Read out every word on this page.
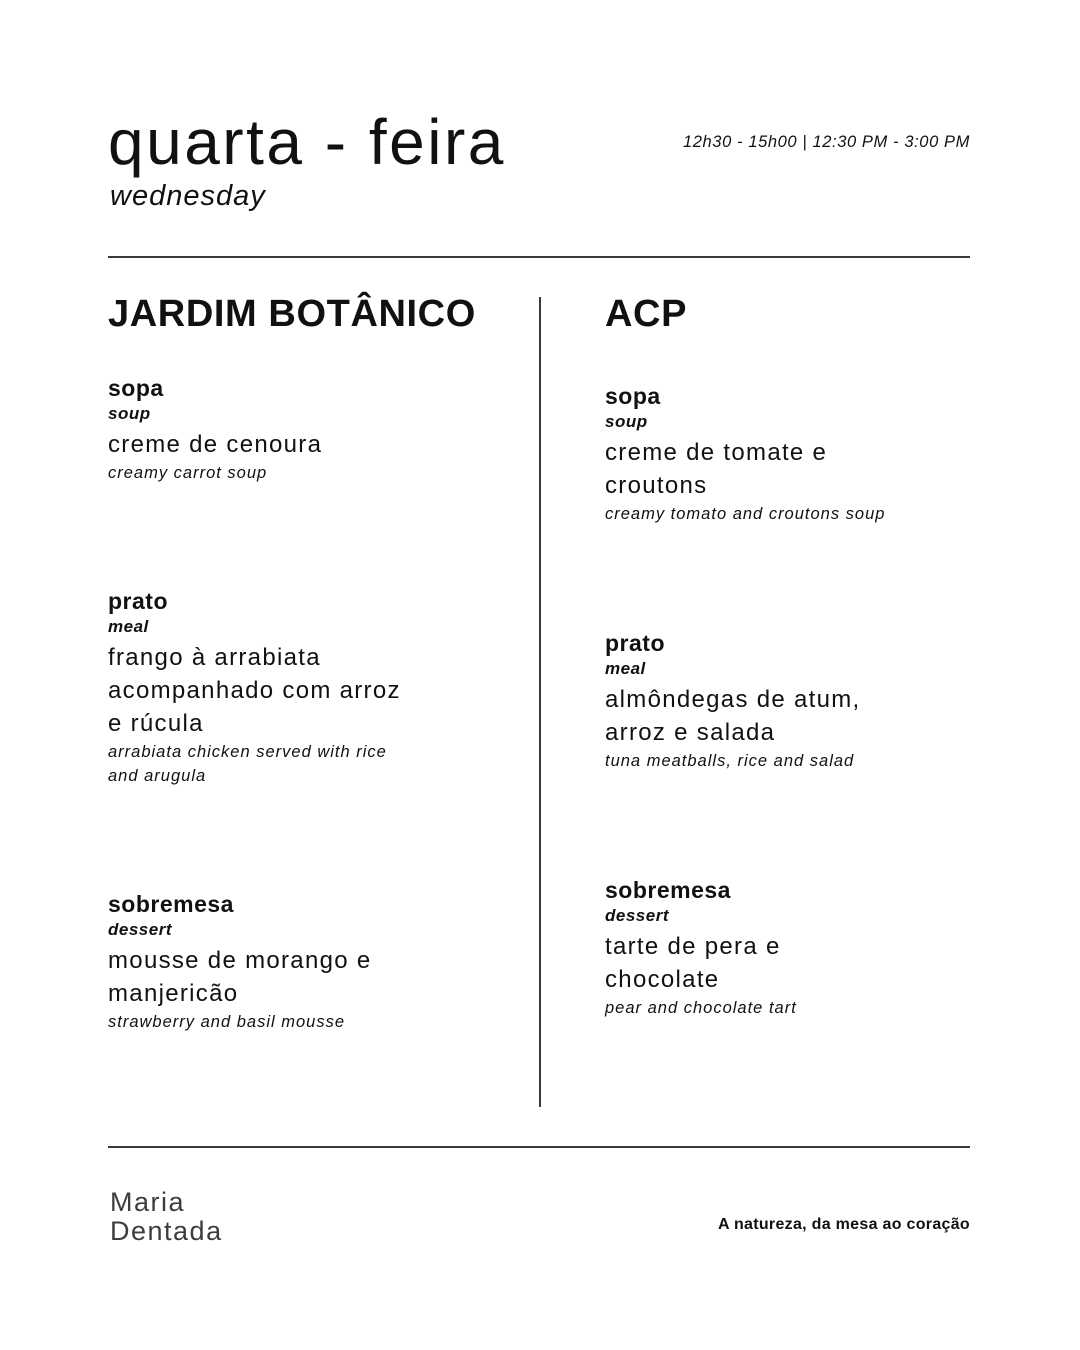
quarta - feira
wednesday
12h30 - 15h00 | 12:30 PM - 3:00 PM
JARDIM BOTÂNICO
sopa
soup
creme de cenoura
creamy carrot soup
prato
meal
frango à arrabiata acompanhado com arroz e rúcula
arrabiata chicken served with rice and arugula
sobremesa
dessert
mousse de morango e manjericão
strawberry and basil mousse
ACP
sopa
soup
creme de tomate e croutons
creamy tomato and croutons soup
prato
meal
almôndegas de atum, arroz e salada
tuna meatballs, rice and salad
sobremesa
dessert
tarte de pera e chocolate
pear and chocolate tart
Maria
Dentada	A natureza, da mesa ao coração
